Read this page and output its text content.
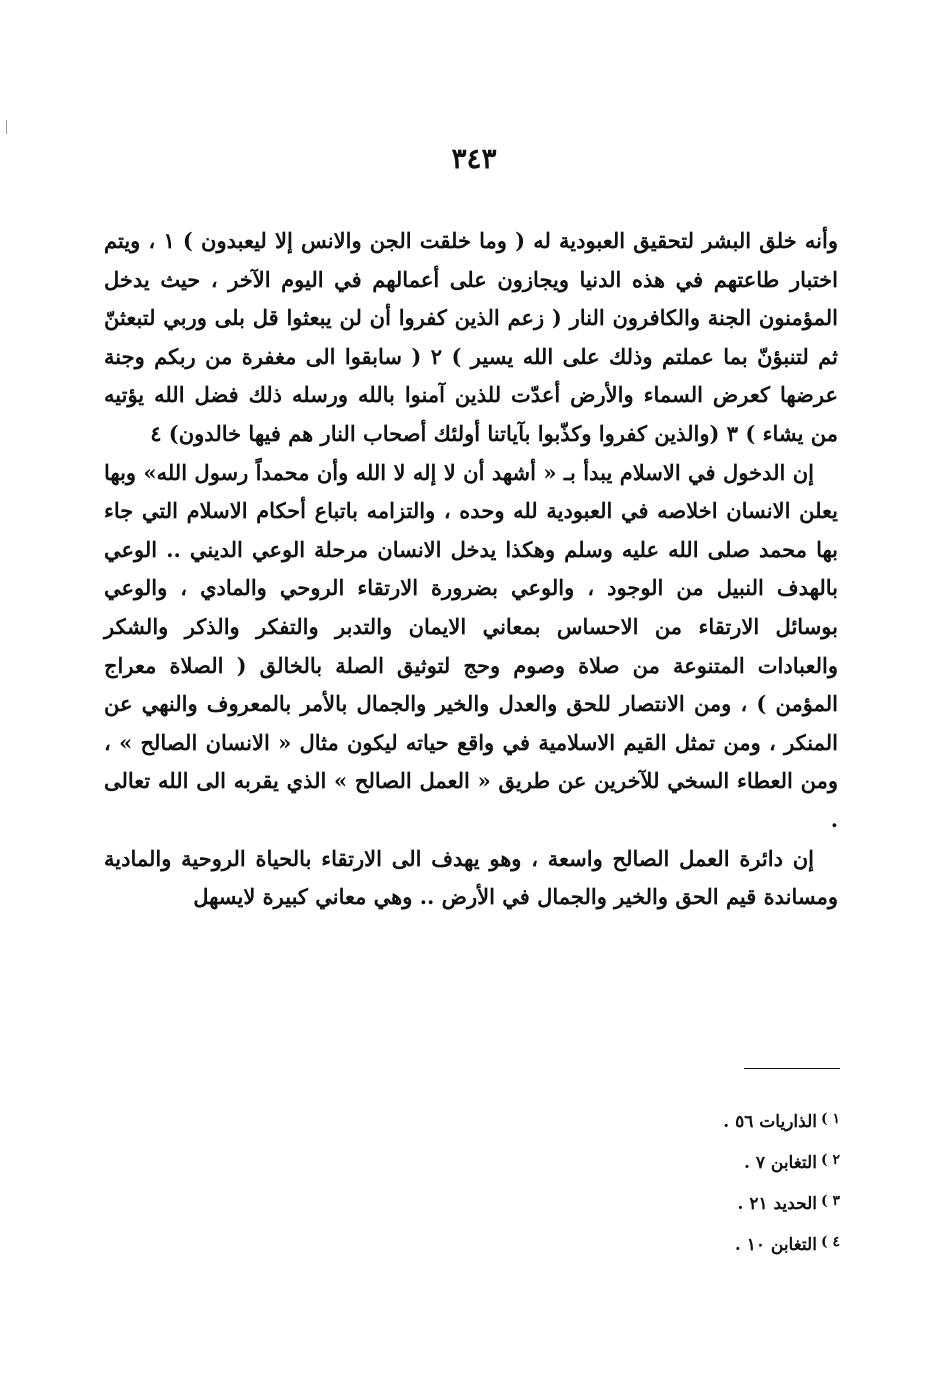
٣٤٣

وأنه خلق البشر لتحقيق العبودية له ( وما خلقت الجن والانس إلا ليعبدون ) ١ ، ويتم اختبار طاعتهم في هذه الدنيا ويجازون على أعمالهم في اليوم الآخر ، حيث يدخل المؤمنون الجنة والكافرون النار ( زعم الذين كفروا أن لن يبعثوا قل بلى وربي لتبعثنّ ثم لتنبؤنّ بما عملتم وذلك على الله يسير ) ٢ ( سابقوا الى مغفرة من ربكم وجنة عرضها كعرض السماء والأرض أعدّت للذين آمنوا بالله ورسله ذلك فضل الله يؤتيه من يشاء ) ٣ (والذين كفروا وكذّبوا بآياتنا أولئك أصحاب النار هم فيها خالدون) ٤

إن الدخول في الاسلام يبدأ بـ « أشهد أن لا إله لا الله وأن محمداً رسول الله» وبها يعلن الانسان اخلاصه في العبودية لله وحده ، والتزامه باتباع أحكام الاسلام التي جاء بها محمد صلى الله عليه وسلم وهكذا يدخل الانسان مرحلة الوعي الديني .. الوعي بالهدف النبيل من الوجود ، والوعي بضرورة الارتقاء الروحي والمادي ، والوعي بوسائل الارتقاء من الاحساس بمعاني الايمان والتدبر والتفكر والذكر والشكر والعبادات المتنوعة من صلاة وصوم وحج لتوثيق الصلة بالخالق ( الصلاة معراج المؤمن ) ، ومن الانتصار للحق والعدل والخير والجمال بالأمر بالمعروف والنهي عن المنكر ، ومن تمثل القيم الاسلامية في واقع حياته ليكون مثال « الانسان الصالح » ، ومن العطاء السخي للآخرين عن طريق « العمل الصالح » الذي يقربه الى الله تعالى .

إن دائرة العمل الصالح واسعة ، وهو يهدف الى الارتقاء بالحياة الروحية والمادية ومساندة قيم الحق والخير والجمال في الأرض .. وهي معاني كبيرة لايسهل

$^{١ )}$الذاريات ٥٦ .
$^{٢ )}$التغابن ٧ .
$^{٣ )}$الحديد ٢١ .
$^{٤ )}$التغابن ١٠ .
